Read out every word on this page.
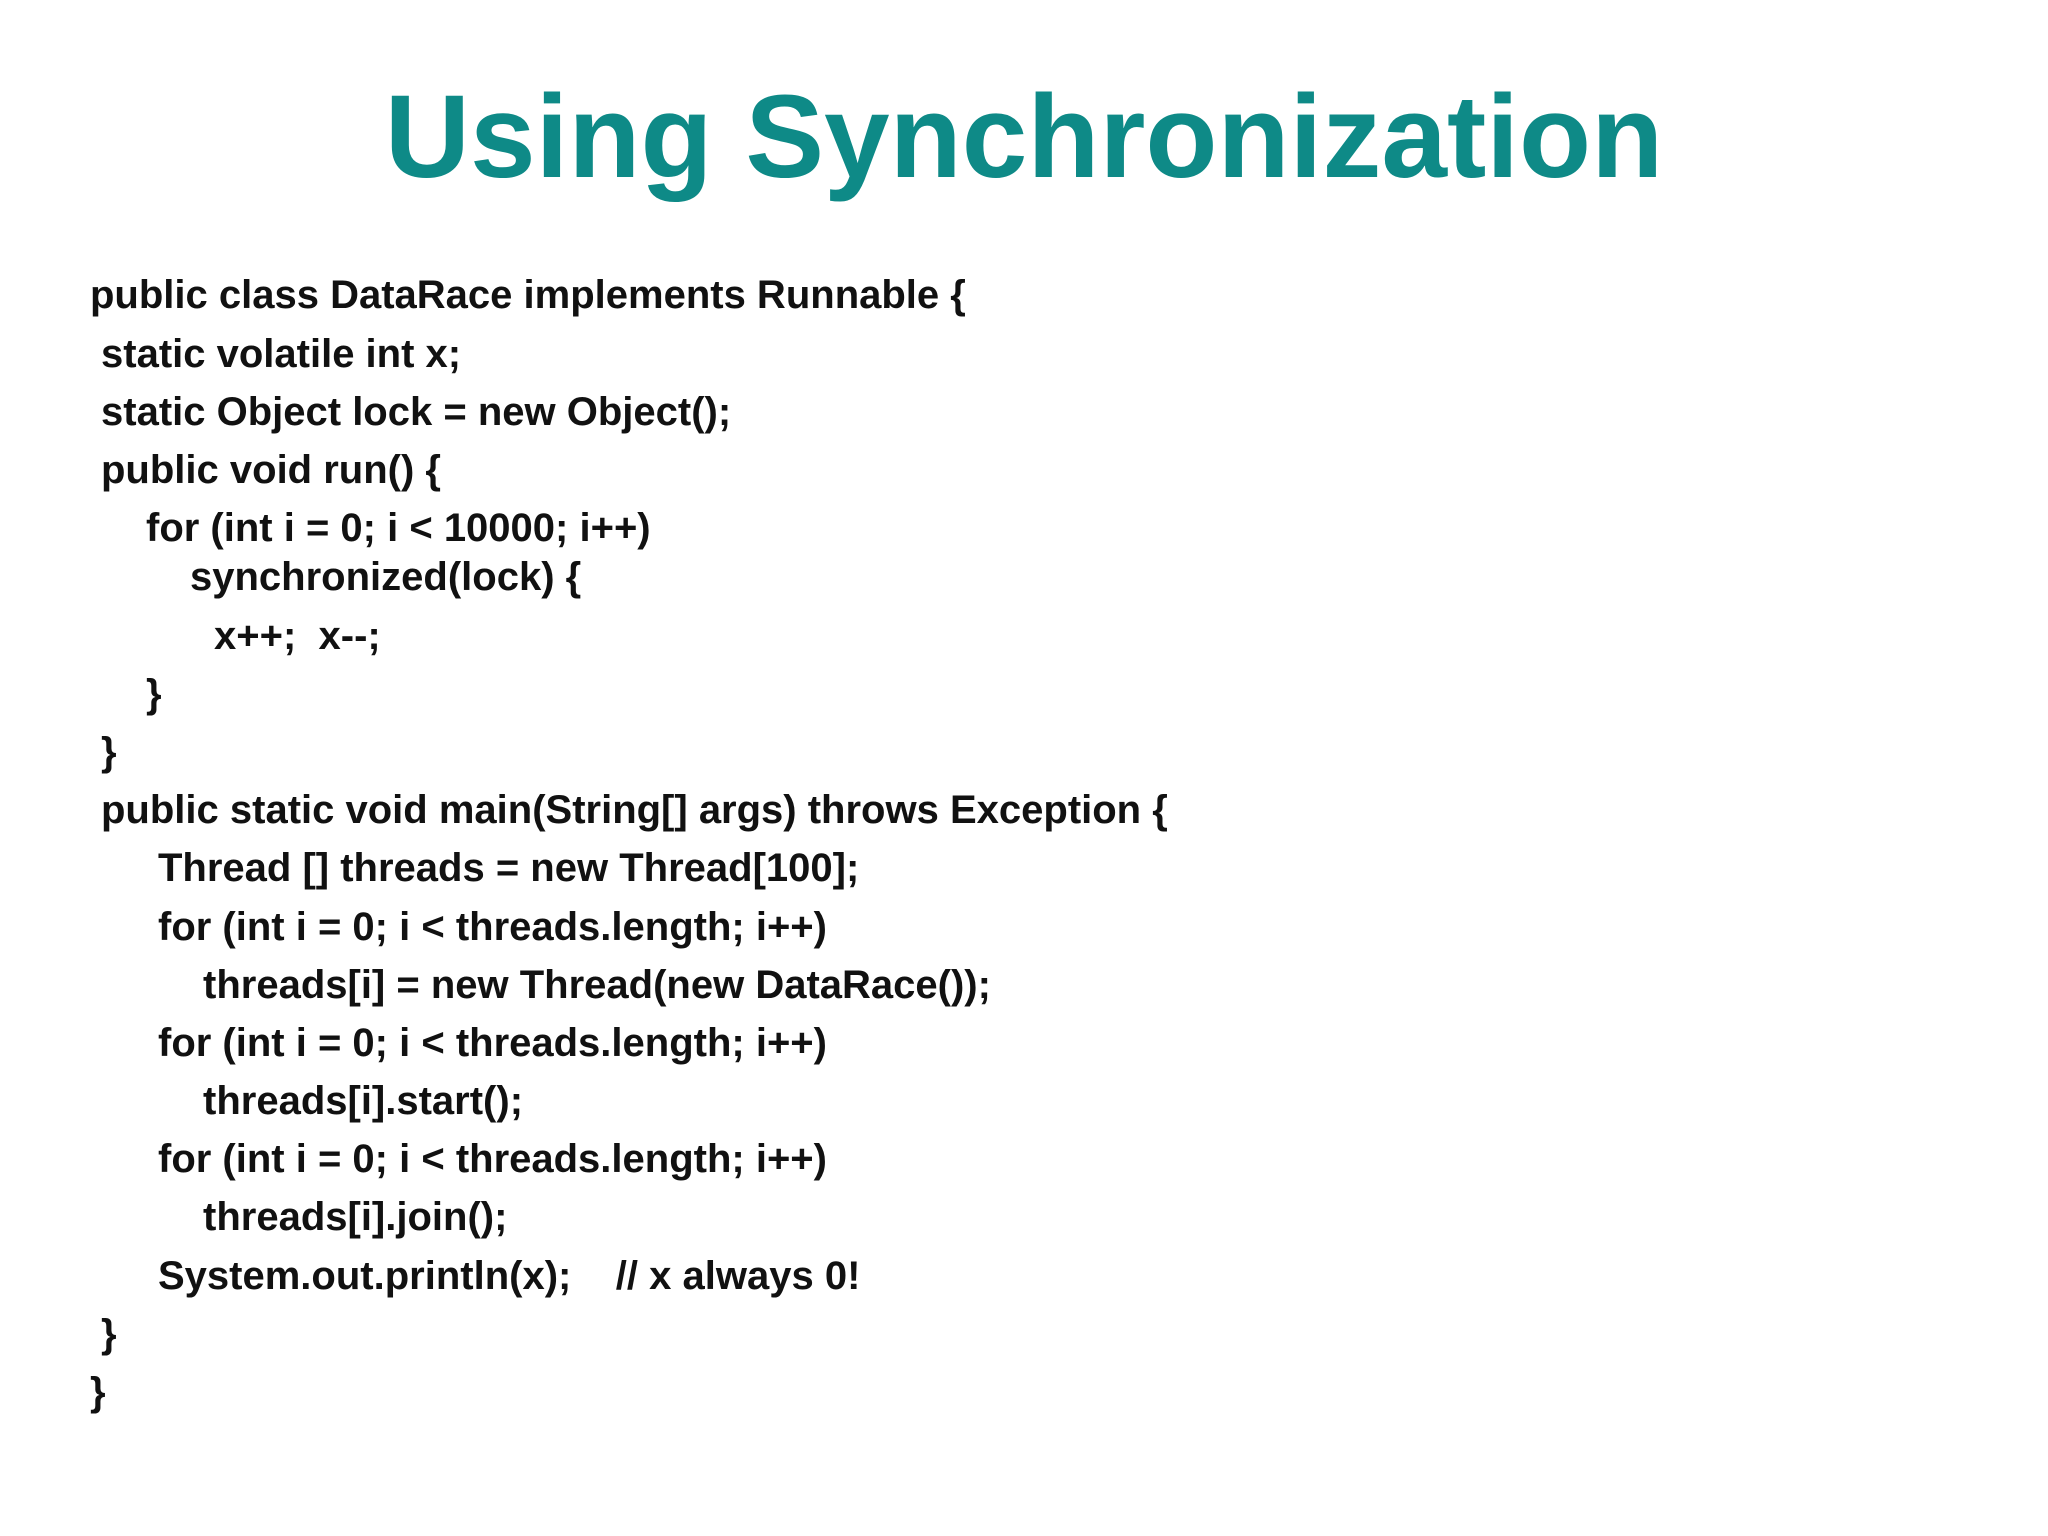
Using Synchronization
public class DataRace implements Runnable {
static volatile int x;
static Object lock = new Object();
public void run() {
for (int i = 0; i < 10000; i++)
synchronized(lock) {
x++;  x--;
}
}
public static void main(String[] args) throws Exception {
Thread [] threads = new Thread[100];
for (int i = 0; i < threads.length; i++)
threads[i] = new Thread(new DataRace());
for (int i = 0; i < threads.length; i++)
threads[i].start();
for (int i = 0; i < threads.length; i++)
threads[i].join();
System.out.println(x);    // x always 0!
}
}
